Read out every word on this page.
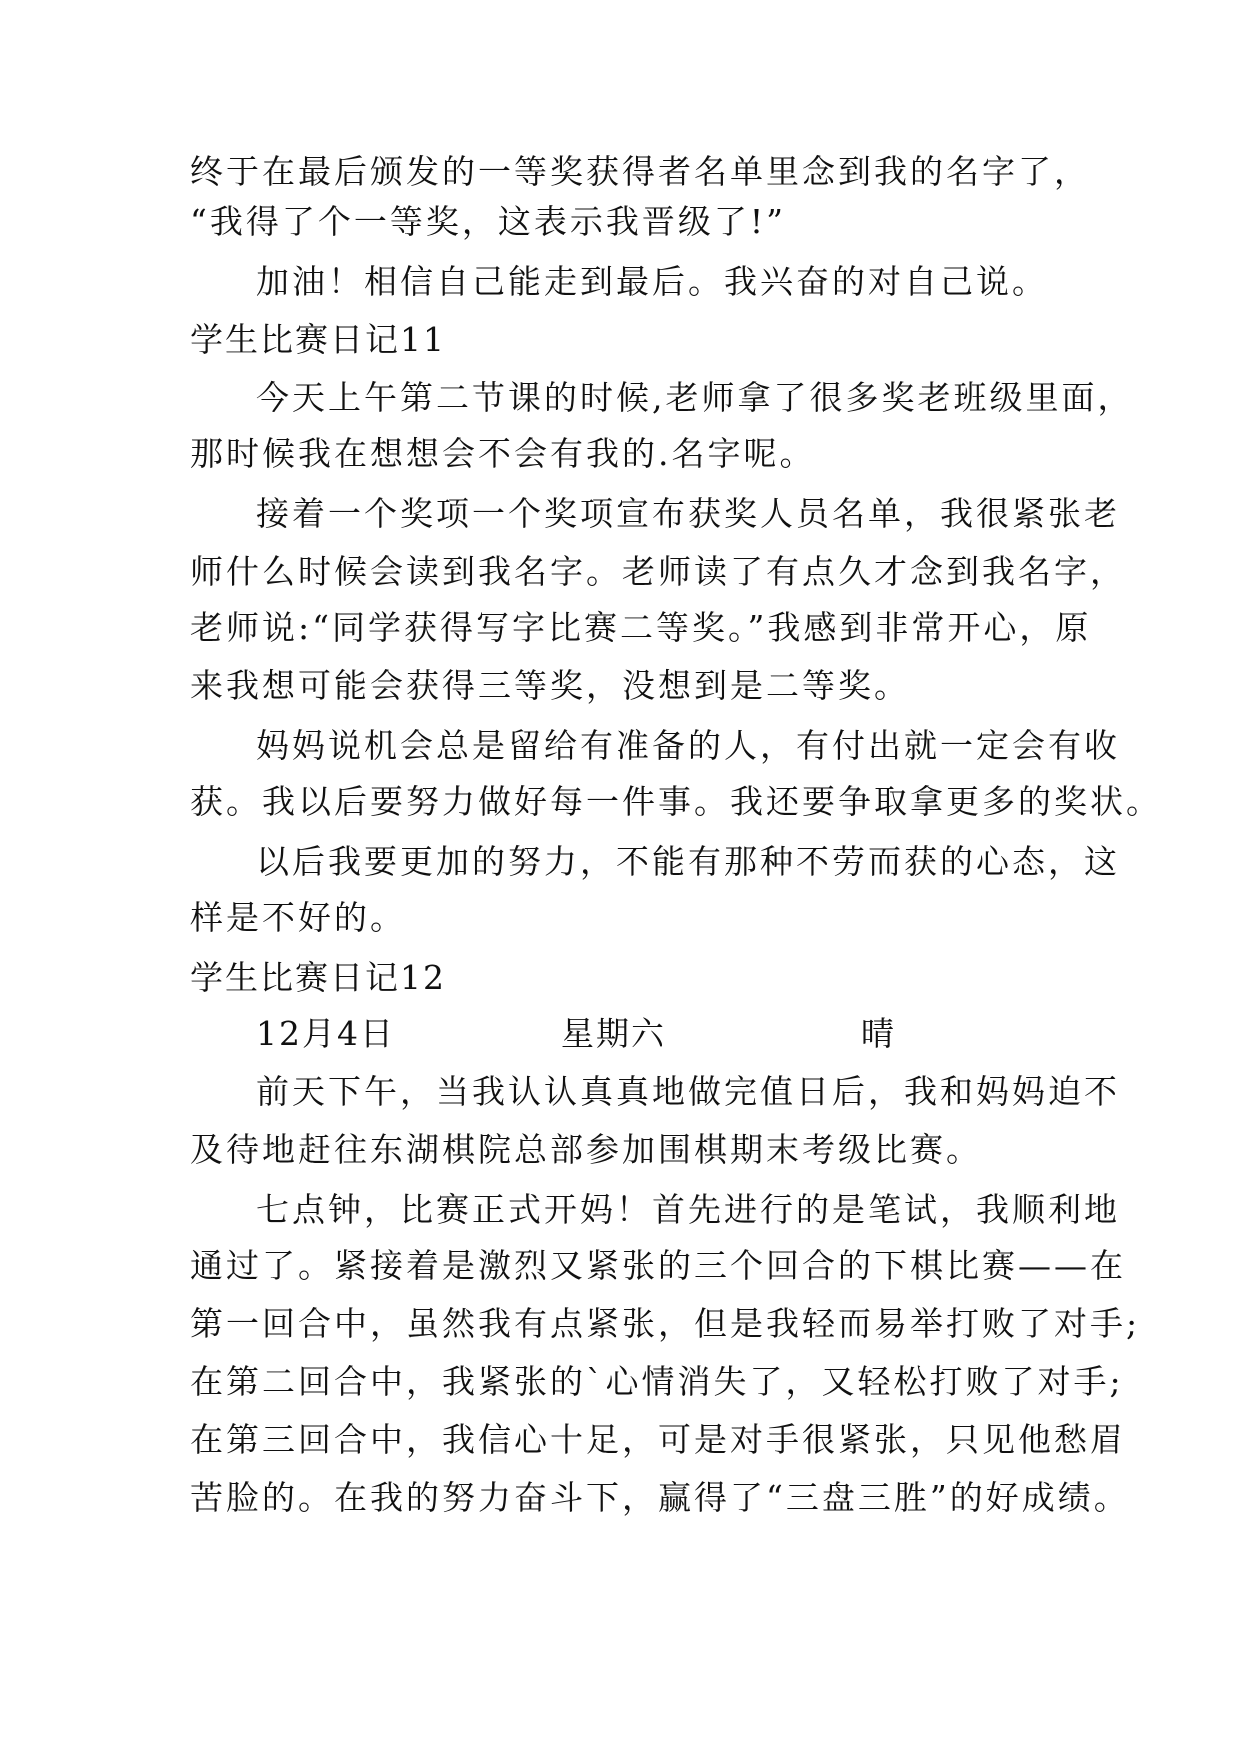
终于在最后颁发的一等奖获得者名单里念到我的名字了，
“我得了个一等奖，这表示我晋级了!”
加油！相信自己能走到最后。我兴奋的对自己说。
学生比赛日记11
今天上午第二节课的时候,老师拿了很多奖老班级里面，
那时候我在想想会不会有我的.名字呢。
接着一个奖项一个奖项宣布获奖人员名单，我很紧张老
师什么时候会读到我名字。老师读了有点久才念到我名字，
老师说:“同学获得写字比赛二等奖。”我感到非常开心，原
来我想可能会获得三等奖，没想到是二等奖。
妈妈说机会总是留给有准备的人，有付出就一定会有收
获。我以后要努力做好每一件事。我还要争取拿更多的奖状。
以后我要更加的努力，不能有那种不劳而获的心态，这
样是不好的。
学生比赛日记12
12月4日	星期六	晴
前天下午，当我认认真真地做完值日后，我和妈妈迫不
及待地赶往东湖棋院总部参加围棋期末考级比赛。
七点钟，比赛正式开妈！首先进行的是笔试，我顺利地
通过了。紧接着是激烈又紧张的三个回合的下棋比赛——在
第一回合中，虽然我有点紧张，但是我轻而易举打败了对手;
在第二回合中，我紧张的`心情消失了，又轻松打败了对手;
在第三回合中，我信心十足，可是对手很紧张，只见他愁眉
苦脸的。在我的努力奋斗下，赢得了“三盘三胜”的好成绩。
